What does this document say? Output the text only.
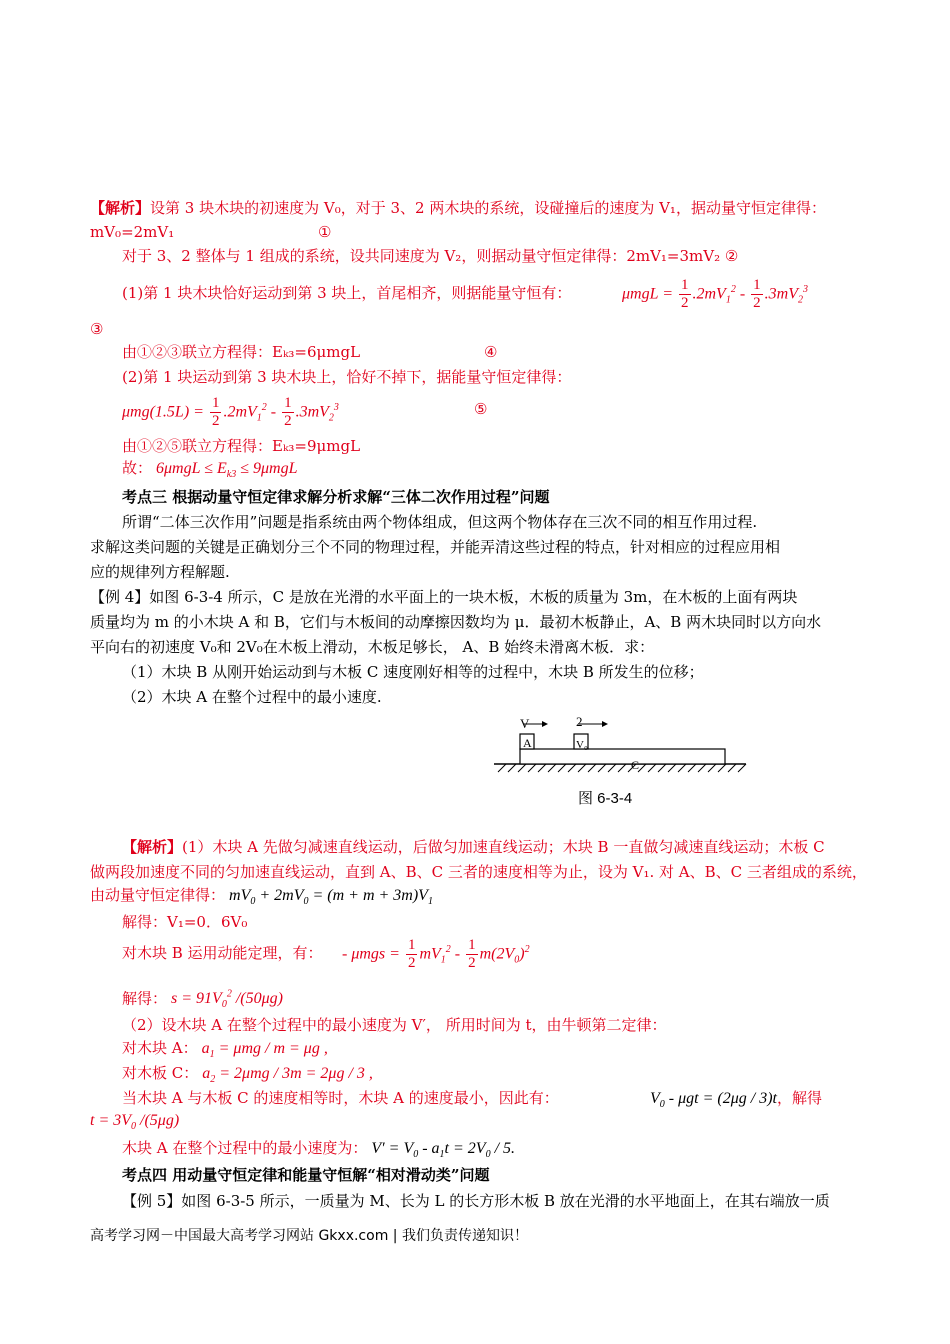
【解析】设第 3 块木块的初速度为 V₀，对于 3、2 两木块的系统，设碰撞后的速度为 V₁，据动量守恒定律得：
mV₀=2mV₁	①
对于 3、2 整体与 1 组成的系统，设共同速度为 V₂，则据动量守恒定律得：2mV₁=3mV₂ ②
(1)第 1 块木块恰好运动到第 3 块上，首尾相齐，则据能量守恒有：	$\mu mgL = \frac{1}{2} .2mV_1^2 - \frac{1}{2} .3mV_2^3$
③
由①②③联立方程得：Eₖ₃=6μmgL	④
(2)第 1 块运动到第 3 块木块上，恰好不掉下，据能量守恒定律得：
$\mu mg(1.5L) = \frac{1}{2} .2mV_1^2 - \frac{1}{2} .3mV_2^3$	⑤
由①②⑤联立方程得：Eₖ₃=9μmgL
故： $6\mu mgL \le E_{k3} \le 9\mu mgL$
考点三 根据动量守恒定律求解分析求解“三体二次作用过程”问题
所谓“二体三次作用”问题是指系统由两个物体组成，但这两个物体存在三次不同的相互作用过程.
求解这类问题的关键是正确划分三个不同的物理过程，并能弄清这些过程的特点，针对相应的过程应用相
应的规律列方程解题.
【例 4】如图 6-3-4 所示，C 是放在光滑的水平面上的一块木板，木板的质量为 3m，在木板的上面有两块
质量均为 m 的小木块 A 和 B，它们与木板间的动摩擦因数均为 μ．最初木板静止，A、B 两木块同时以方向水
平向右的初速度 V₀和 2V₀在木板上滑动，木板足够长， A、B 始终未滑离木板．求：
（1）木块 B 从刚开始运动到与木板 C 速度刚好相等的过程中，木块 B 所发生的位移；
（2）木块 A 在整个过程中的最小速度.
V	2
A	V₀
C
图 6-3-4
【解析】(1）木块 A 先做匀减速直线运动，后做匀加速直线运动；木块 B 一直做匀减速直线运动；木板 C
做两段加速度不同的匀加速直线运动，直到 A、B、C 三者的速度相等为止，设为 V₁. 对 A、B、C 三者组成的系统，
由动量守恒定律得： $mV_0 + 2mV_0 = (m + m + 3m)V_1$
解得：V₁=0．6V₀
对木块 B 运用动能定理，有： - $\mu mgs = \frac{1}{2} mV_1^2 - \frac{1}{2} m(2V_0)^2$
解得： $s = 91V_0^2$ /(50μg)
（2）设木块 A 在整个过程中的最小速度为 V′， 所用时间为 t，由牛顿第二定律：
对木块 A： $a_1 = \mu mg / m = \mu g$ ,
对木板 C： $a_2 = 2\mu mg / 3m = 2\mu g / 3$ ,
当木块 A 与木板 C 的速度相等时，木块 A 的速度最小，因此有：	$V_0 - \mu gt = (2\mu g / 3)t$，解得
$t = 3V_0$ /(5μg)
木块 A 在整个过程中的最小速度为： $V' = V_0 - a_1t = 2V_0 / 5$.
考点四 用动量守恒定律和能量守恒解“相对滑动类”问题
【例 5】如图 6-3-5 所示，一质量为 M、长为 L 的长方形木板 B 放在光滑的水平地面上，在其右端放一质
高考学习网－中国最大高考学习网站 Gkxx.com | 我们负责传递知识！
